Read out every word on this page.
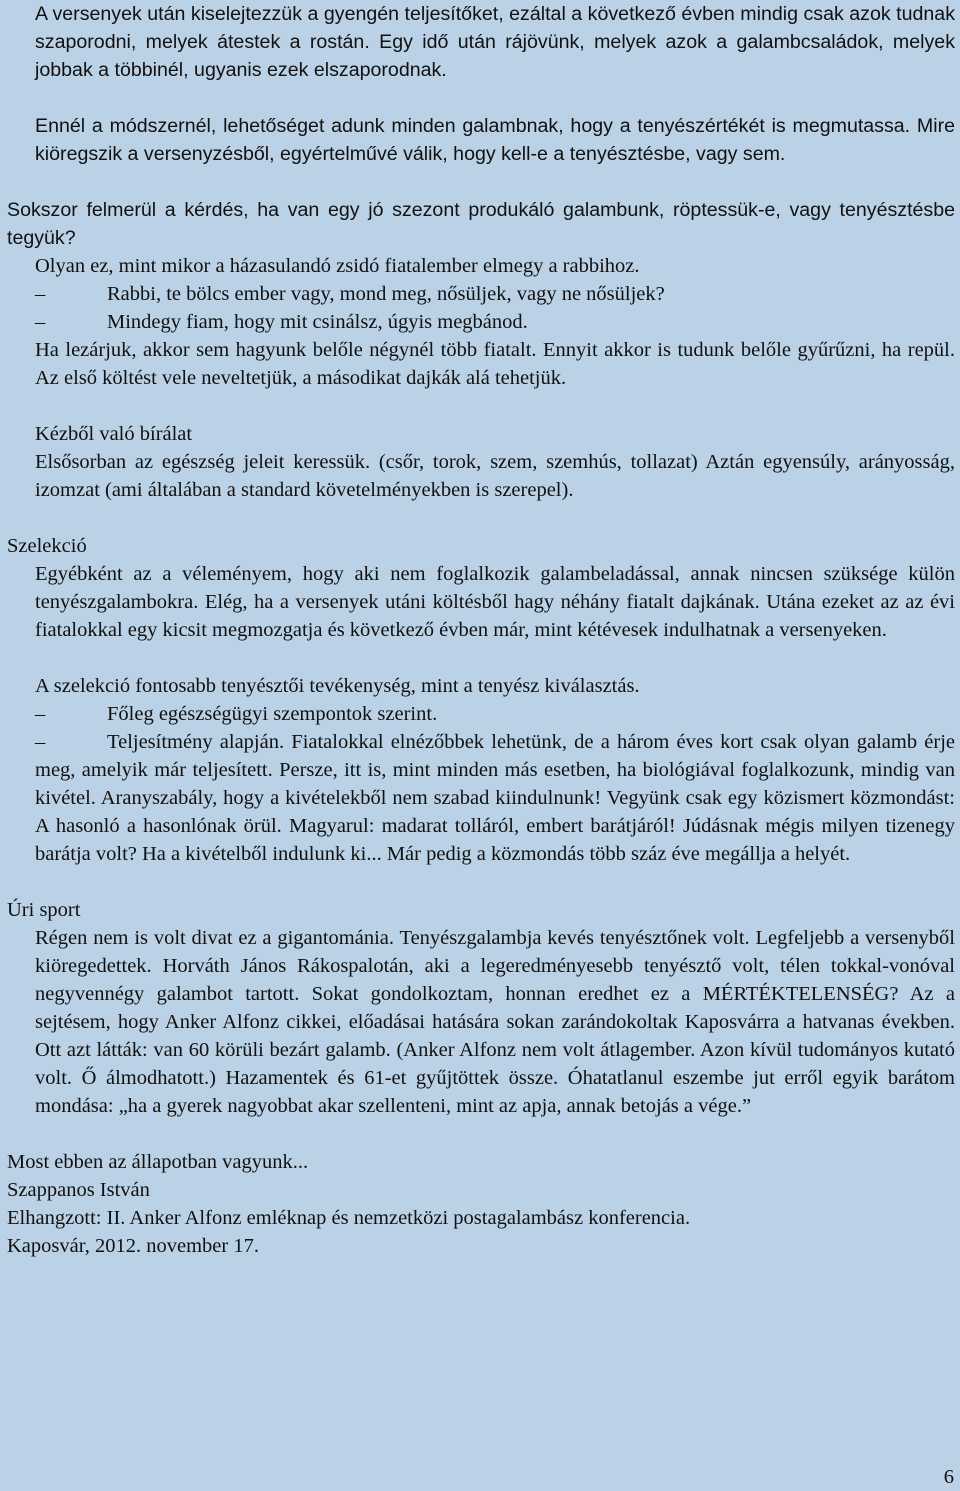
A versenyek után kiselejtezzük a gyengén teljesítőket, ezáltal a következő évben mindig csak azok tudnak szaporodni, melyek átestek a rostán. Egy idő után rájövünk, melyek azok a galambcsaládok, melyek jobbak a többinél, ugyanis ezek elszaporodnak.

Ennél a módszernél, lehetőséget adunk minden galambnak, hogy a tenyészértékét is megmutassa. Mire kiöregszik a versenyzésből, egyértelművé válik, hogy kell-e a tenyésztésbe, vagy sem.

Sokszor felmerül a kérdés, ha van egy jó szezont produkáló galambunk, röptessük-e, vagy tenyésztésbe tegyük?

Olyan ez, mint mikor a házasulandó zsidó fiatalember elmegy a rabbihoz.

–	Rabbi, te bölcs ember vagy, mond meg, nősüljek, vagy ne nősüljek?
–	Mindegy fiam, hogy mit csinálsz, úgyis megbánod.

Ha lezárjuk, akkor sem hagyunk belőle négynél több fiatalt. Ennyit akkor is tudunk belőle gyűrűzni, ha repül. Az első költést vele neveltetjük, a másodikat dajkák alá tehetjük.

Kézből való bírálat

Elsősorban az egészség jeleit keressük. (csőr, torok, szem, szemhús, tollazat) Aztán egyensúly, arányosság, izomzat (ami általában a standard követelményekben is szerepel).

Szelekció

Egyébként az a véleményem, hogy aki nem foglalkozik galambeladással, annak nincsen szüksége külön tenyészgalambokra. Elég, ha a versenyek utáni költésből hagy néhány fiatalt dajkának. Utána ezeket az az évi fiatalokkal egy kicsit megmozgatja és következő évben már, mint kétévesek indulhatnak a versenyeken.

A szelekció fontosabb tenyésztői tevékenység, mint a tenyész kiválasztás.

–	Főleg egészségügyi szempontok szerint.
–	Teljesítmény alapján. Fiatalokkal elnézőbbek lehetünk, de a három éves kort csak olyan galamb érje meg, amelyik már teljesített. Persze, itt is, mint minden más esetben, ha biológiával foglalkozunk, mindig van kivétel. Aranyszabály, hogy a kivételekből nem szabad kiindulnunk! Vegyünk csak egy közismert közmondást: A hasonló a hasonlónak örül. Magyarul: madarat tolláról, embert barátjáról! Júdásnak mégis milyen tizenegy barátja volt? Ha a kivételből indulunk ki... Már pedig a közmondás több száz éve megállja a helyét.

Úri sport

Régen nem is volt divat ez a gigantománia. Tenyészgalambja kevés tenyésztőnek volt. Legfeljebb a versenyből kiöregedettek. Horváth János Rákospalotán, aki a legeredményesebb tenyésztő volt, télen tokkal-vonóval negyvennégy galambot tartott. Sokat gondolkoztam, honnan eredhet ez a MÉRTÉKTELENSÉG? Az a sejtésem, hogy Anker Alfonz cikkei, előadásai hatására sokan zarándokoltak Kaposvárra a hatvanas években. Ott azt látták: van 60 körüli bezárt galamb. (Anker Alfonz nem volt átlagember. Azon kívül tudományos kutató volt. Ő álmodhatott.) Hazamentek és 61-et gyűjtöttek össze. Óhatatlanul eszembe jut erről egyik barátom mondása: „ha a gyerek nagyobbat akar szellenteni, mint az apja, annak betojás a vége.”

Most ebben az állapotban vagyunk...

Szappanos István

Elhangzott: II. Anker Alfonz emléknap és nemzetközi postagalambász konferencia.

Kaposvár, 2012. november 17.

6
